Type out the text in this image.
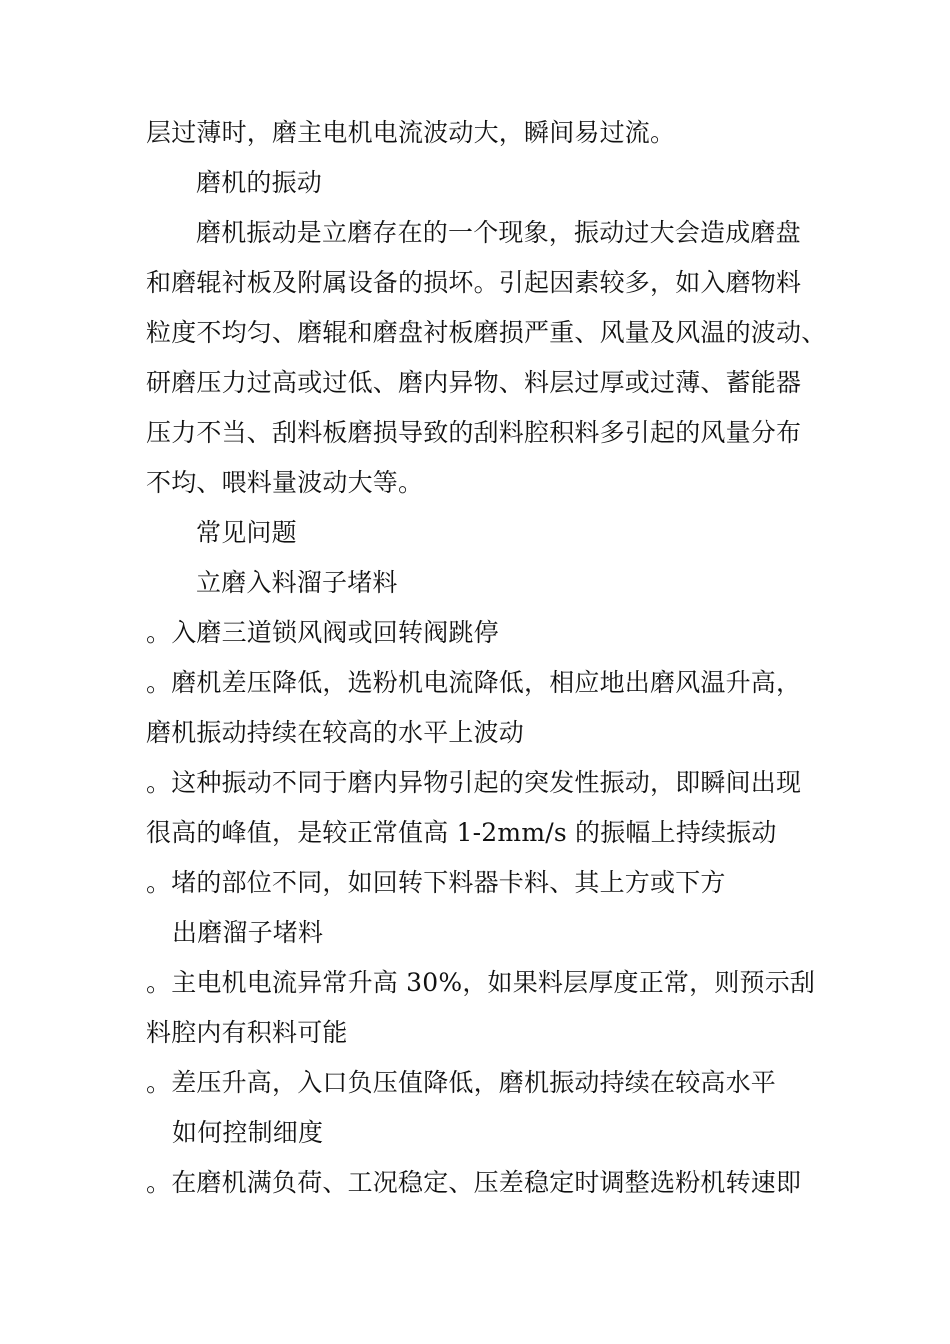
层过薄时，磨主电机电流波动大，瞬间易过流。
磨机的振动
磨机振动是立磨存在的一个现象，振动过大会造成磨盘
和磨辊衬板及附属设备的损坏。引起因素较多，如入磨物料
粒度不均匀、磨辊和磨盘衬板磨损严重、风量及风温的波动、
研磨压力过高或过低、磨内异物、料层过厚或过薄、蓄能器
压力不当、刮料板磨损导致的刮料腔积料多引起的风量分布
不均、喂料量波动大等。
常见问题
立磨入料溜子堵料
。入磨三道锁风阀或回转阀跳停
。磨机差压降低，选粉机电流降低，相应地出磨风温升高，
磨机振动持续在较高的水平上波动
。这种振动不同于磨内异物引起的突发性振动，即瞬间出现
很高的峰值，是较正常值高 1-2mm/s 的振幅上持续振动
。堵的部位不同，如回转下料器卡料、其上方或下方
出磨溜子堵料
。主电机电流异常升高 30%，如果料层厚度正常，则预示刮
料腔内有积料可能
。差压升高，入口负压值降低，磨机振动持续在较高水平
如何控制细度
。在磨机满负荷、工况稳定、压差稳定时调整选粉机转速即
